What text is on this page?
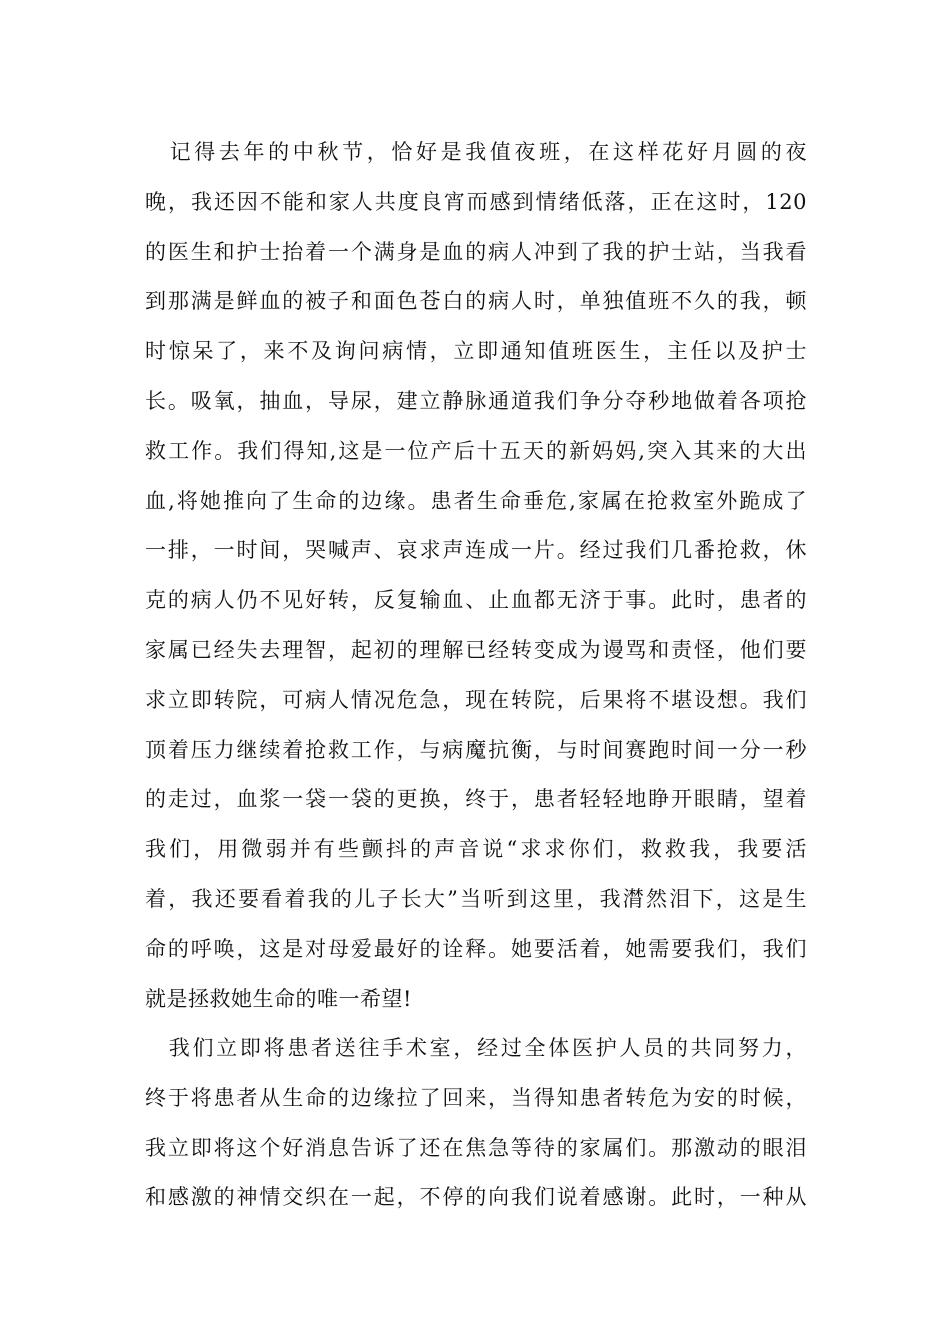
　记得去年的中秋节，恰好是我值夜班，在这样花好月圆的夜
晚，我还因不能和家人共度良宵而感到情绪低落，正在这时，120
的医生和护士抬着一个满身是血的病人冲到了我的护士站，当我看
到那满是鲜血的被子和面色苍白的病人时，单独值班不久的我，顿
时惊呆了，来不及询问病情，立即通知值班医生，主任以及护士
长。吸氧，抽血，导尿，建立静脉通道我们争分夺秒地做着各项抢
救工作。我们得知,这是一位产后十五天的新妈妈,突入其来的大出
血,将她推向了生命的边缘。患者生命垂危,家属在抢救室外跪成了
一排，一时间，哭喊声、哀求声连成一片。经过我们几番抢救，休
克的病人仍不见好转，反复输血、止血都无济于事。此时，患者的
家属已经失去理智，起初的理解已经转变成为谩骂和责怪，他们要
求立即转院，可病人情况危急，现在转院，后果将不堪设想。我们
顶着压力继续着抢救工作，与病魔抗衡，与时间赛跑时间一分一秒
的走过，血浆一袋一袋的更换，终于，患者轻轻地睁开眼睛，望着
我们，用微弱并有些颤抖的声音说“求求你们，救救我，我要活
着，我还要看着我的儿子长大”当听到这里，我潸然泪下，这是生
命的呼唤，这是对母爱最好的诠释。她要活着，她需要我们，我们
就是拯救她生命的唯一希望!
　我们立即将患者送往手术室，经过全体医护人员的共同努力，
终于将患者从生命的边缘拉了回来，当得知患者转危为安的时候，
我立即将这个好消息告诉了还在焦急等待的家属们。那激动的眼泪
和感激的神情交织在一起，不停的向我们说着感谢。此时，一种从
